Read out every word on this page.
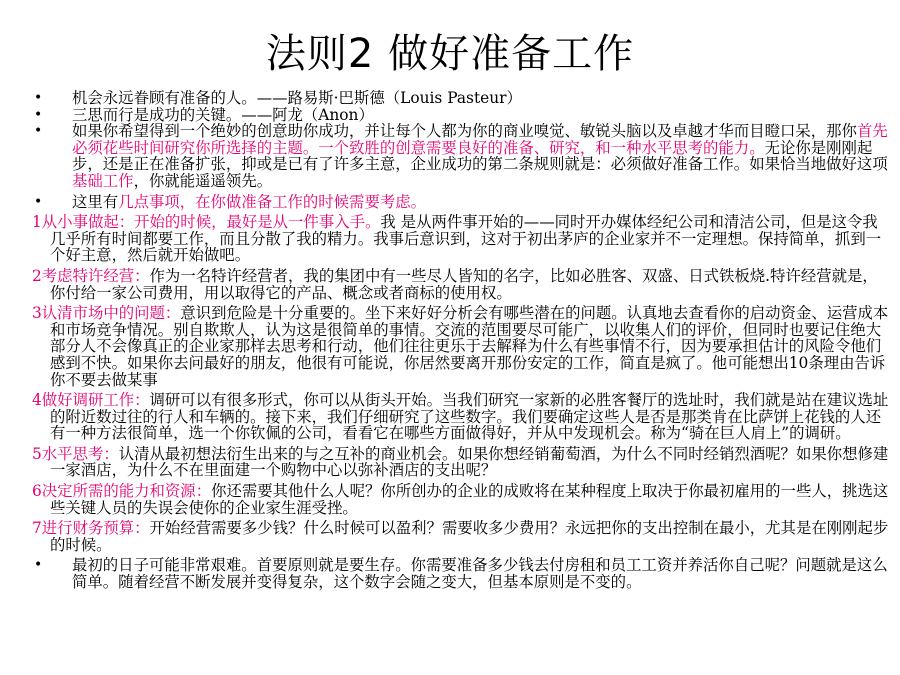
法则2 做好准备工作

• 机会永远眷顾有准备的人。——路易斯·巴斯德（Louis Pasteur）

• 三思而行是成功的关键。——阿龙（Anon）

• 如果你希望得到一个绝妙的创意助你成功，并让每个人都为你的商业嗅觉、敏锐头脑以及卓越才华而目瞪口呆，那你首先必须花些时间研究你所选择的主题。一个致胜的创意需要良好的准备、研究，和一种水平思考的能力。无论你是刚刚起步，还是正在准备扩张，抑或是已有了许多主意，企业成功的第二条规则就是：必须做好准备工作。如果恰当地做好这项基础工作，你就能遥遥领先。

• 这里有几点事项，在你做准备工作的时候需要考虑。

1从小事做起：开始的时候，最好是从一件事入手。我 是从两件事开始的——同时开办媒体经纪公司和清洁公司，但是这令我几乎所有时间都要工作，而且分散了我的精力。我事后意识到，这对于初出茅庐的企业家并不一定理想。保持简单，抓到一个好主意，然后就开始做吧。

2考虑特许经营：作为一名特许经营者，我的集团中有一些尽人皆知的名字，比如必胜客、双盛、日式铁板烧.特许经营就是，你付给一家公司费用，用以取得它的产品、概念或者商标的使用权。

3认清市场中的问题：意识到危险是十分重要的。坐下来好好分析会有哪些潜在的问题。认真地去查看你的启动资金、运营成本和市场竞争情况。别自欺欺人，认为这是很简单的事情。交流的范围要尽可能广，以收集人们的评价，但同时也要记住绝大部分人不会像真正的企业家那样去思考和行动，他们往往更乐于去解释为什么有些事情不行，因为要承担估计的风险令他们感到不快。如果你去问最好的朋友，他很有可能说，你居然要离开那份安定的工作，简直是疯了。他可能想出10条理由告诉你不要去做某事

4做好调研工作：调研可以有很多形式，你可以从街头开始。当我们研究一家新的必胜客餐厅的选址时，我们就是站在建议选址的附近数过往的行人和车辆的。接下来，我们仔细研究了这些数字。我们要确定这些人是否是那类肯在比萨饼上花钱的人还有一种方法很简单，选一个你钦佩的公司，看看它在哪些方面做得好，并从中发现机会。称为“骑在巨人肩上”的调研。

5水平思考：认清从最初想法衍生出来的与之互补的商业机会。如果你想经销葡萄酒，为什么不同时经销烈酒呢？如果你想修建一家酒店，为什么不在里面建一个购物中心以弥补酒店的支出呢？

6决定所需的能力和资源：你还需要其他什么人呢？你所创办的企业的成败将在某种程度上取决于你最初雇用的一些人，挑选这些关键人员的失误会使你的企业家生涯受挫。

7进行财务预算：开始经营需要多少钱？什么时候可以盈利？需要收多少费用？永远把你的支出控制在最小，尤其是在刚刚起步的时候。

• 最初的日子可能非常艰难。首要原则就是要生存。你需要准备多少钱去付房租和员工工资并养活你自己呢？问题就是这么简单。随着经营不断发展并变得复杂，这个数字会随之变大，但基本原则是不变的。
